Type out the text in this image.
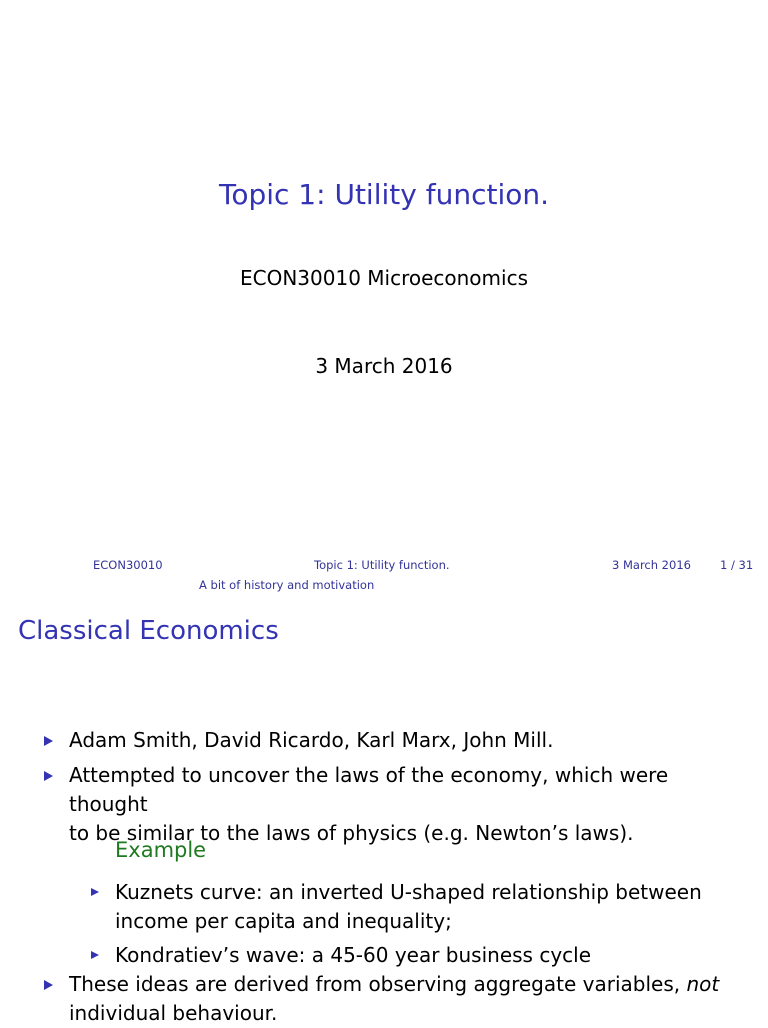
Topic 1: Utility function.
ECON30010 Microeconomics
3 March 2016
ECON30010	Topic 1: Utility function.	3 March 2016	1 / 31
A bit of history and motivation
Classical Economics
Adam Smith, David Ricardo, Karl Marx, John Mill.
Attempted to uncover the laws of the economy, which were thought
to be similar to the laws of physics (e.g. Newton’s laws).
These ideas are derived from observing aggregate variables, not
individual behaviour.
Example
Kuznets curve: an inverted U-shaped relationship between
income per capita and inequality;
Kondratiev’s wave: a 45-60 year business cycle
